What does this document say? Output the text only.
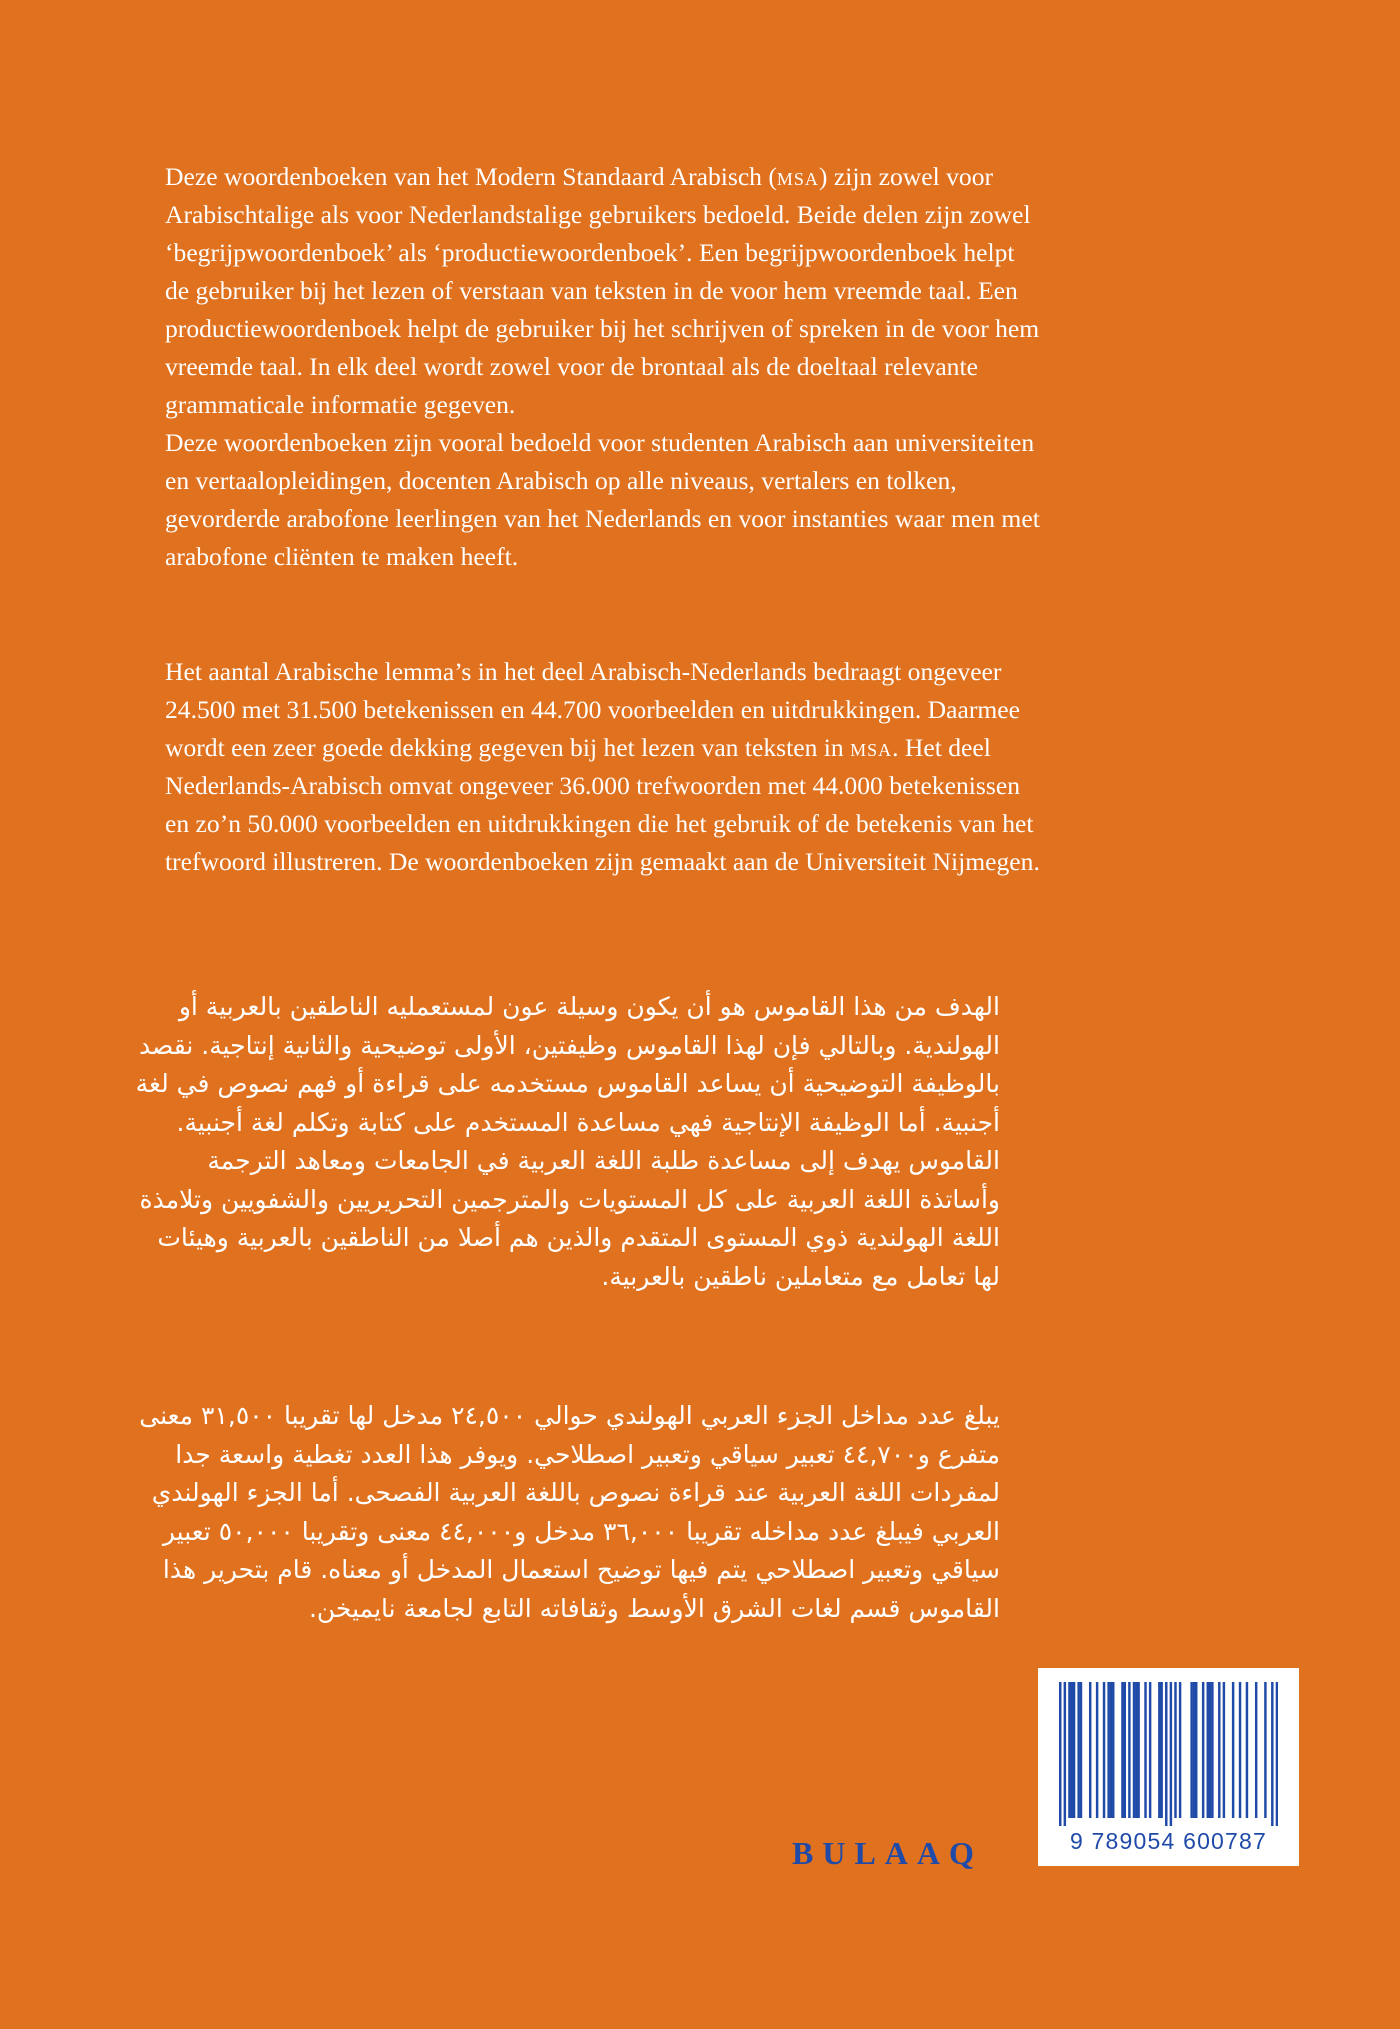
Deze woordenboeken van het Modern Standaard Arabisch (msa) zijn zowel voor Arabischtalige als voor Nederlandstalige gebruikers bedoeld. Beide delen zijn zowel ‘begrijpwoordenboek’ als ‘productiewoordenboek’. Een begrijpwoordenboek helpt de gebruiker bij het lezen of verstaan van teksten in de voor hem vreemde taal. Een productiewoordenboek helpt de gebruiker bij het schrijven of spreken in de voor hem vreemde taal. In elk deel wordt zowel voor de brontaal als de doeltaal relevante grammaticale informatie gegeven.

Deze woordenboeken zijn vooral bedoeld voor studenten Arabisch aan universiteiten en vertaalopleidingen, docenten Arabisch op alle niveaus, vertalers en tolken, gevorderde arabofone leerlingen van het Nederlands en voor instanties waar men met arabofone cliënten te maken heeft.

Het aantal Arabische lemma’s in het deel Arabisch-Nederlands bedraagt ongeveer 24.500 met 31.500 betekenissen en 44.700 voorbeelden en uitdrukkingen. Daarmee wordt een zeer goede dekking gegeven bij het lezen van teksten in msa. Het deel Nederlands-Arabisch omvat ongeveer 36.000 trefwoorden met 44.000 betekenissen en zo’n 50.000 voorbeelden en uitdrukkingen die het gebruik of de betekenis van het trefwoord illustreren. De woordenboeken zijn gemaakt aan de Universiteit Nijmegen.

الهدف من هذا القاموس هو أن يكون وسيلة عون لمستعمليه الناطقين بالعربية أو الهولندية. وبالتالي فإن لهذا القاموس وظيفتين، الأولى توضيحية والثانية إنتاجية. نقصد بالوظيفة التوضيحية أن يساعد القاموس مستخدمه على قراءة أو فهم نصوص في لغة أجنبية. أما الوظيفة الإنتاجية فهي مساعدة المستخدم على كتابة وتكلم لغة أجنبية.

القاموس يهدف إلى مساعدة طلبة اللغة العربية في الجامعات ومعاهد الترجمة وأساتذة اللغة العربية على كل المستويات والمترجمين التحريريين والشفويين وتلامذة اللغة الهولندية ذوي المستوى المتقدم والذين هم أصلا من الناطقين بالعربية وهيئات لها تعامل مع متعاملين ناطقين بالعربية.

يبلغ عدد مداخل الجزء العربي الهولندي حوالي ٢٤,٥٠٠ مدخل لها تقريبا ٣١,٥٠٠ معنى متفرع و٤٤,٧٠٠ تعبير سياقي وتعبير اصطلاحي. ويوفر هذا العدد تغطية واسعة جدا لمفردات اللغة العربية عند قراءة نصوص باللغة العربية الفصحى. أما الجزء الهولندي العربي فيبلغ عدد مداخله تقريبا ٣٦,٠٠٠ مدخل و٤٤,٠٠٠ معنى وتقريبا ٥٠,٠٠٠ تعبير سياقي وتعبير اصطلاحي يتم فيها توضيح استعمال المدخل أو معناه. قام بتحرير هذا القاموس قسم لغات الشرق الأوسط وثقافاته التابع لجامعة نايميخن.

BULAAQ	9 789054 600787
